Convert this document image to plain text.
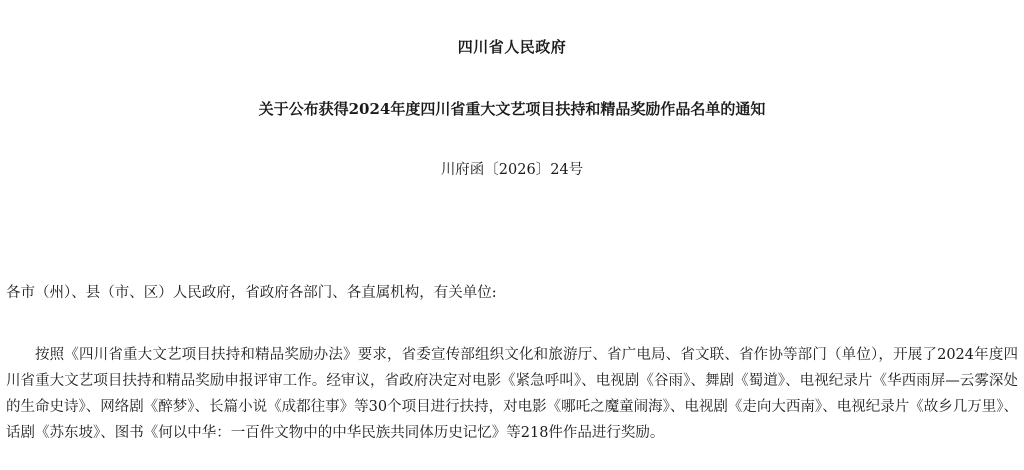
四川省人民政府
关于公布获得2024年度四川省重大文艺项目扶持和精品奖励作品名单的通知
川府函〔2026〕24号
各市（州）、县（市、区）人民政府，省政府各部门、各直属机构，有关单位:
按照《四川省重大文艺项目扶持和精品奖励办法》要求，省委宣传部组织文化和旅游厅、省广电局、省文联、省作协等部门（单位），开展了2024年度四川省重大文艺项目扶持和精品奖励申报评审工作。经审议，省政府决定对电影《紧急呼叫》、电视剧《谷雨》、舞剧《蜀道》、电视纪录片《华西雨屏—云雾深处的生命史诗》、网络剧《醉梦》、长篇小说《成都往事》等30个项目进行扶持，对电影《哪吒之魔童闹海》、电视剧《走向大西南》、电视纪录片《故乡几万里》、话剧《苏东坡》、图书《何以中华：一百件文物中的中华民族共同体历史记忆》等218件作品进行奖励。
